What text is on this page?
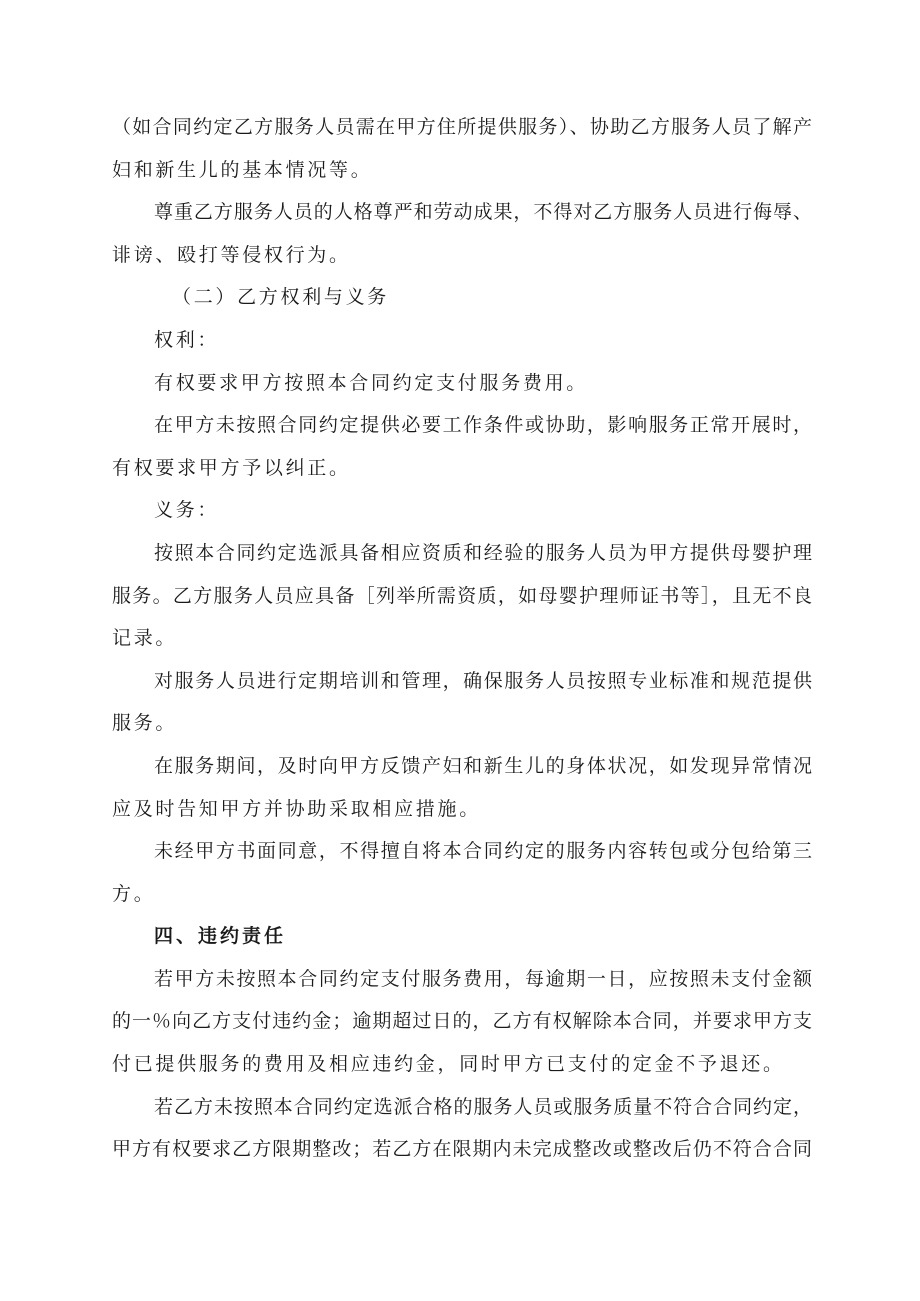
（如合同约定乙方服务人员需在甲方住所提供服务）、协助乙方服务人员了解产
妇和新生儿的基本情况等。
尊重乙方服务人员的人格尊严和劳动成果，不得对乙方服务人员进行侮辱、
诽谤、殴打等侵权行为。
（二）乙方权利与义务
权利：
有权要求甲方按照本合同约定支付服务费用。
在甲方未按照合同约定提供必要工作条件或协助，影响服务正常开展时，
有权要求甲方予以纠正。
义务：
按照本合同约定选派具备相应资质和经验的服务人员为甲方提供母婴护理
服务。乙方服务人员应具备［列举所需资质，如母婴护理师证书等］，且无不良
记录。
对服务人员进行定期培训和管理，确保服务人员按照专业标准和规范提供
服务。
在服务期间，及时向甲方反馈产妇和新生儿的身体状况，如发现异常情况
应及时告知甲方并协助采取相应措施。
未经甲方书面同意，不得擅自将本合同约定的服务内容转包或分包给第三
方。
四、违约责任
若甲方未按照本合同约定支付服务费用，每逾期一日，应按照未支付金额
的一％向乙方支付违约金；逾期超过日的，乙方有权解除本合同，并要求甲方支
付已提供服务的费用及相应违约金，同时甲方已支付的定金不予退还。
若乙方未按照本合同约定选派合格的服务人员或服务质量不符合合同约定，
甲方有权要求乙方限期整改；若乙方在限期内未完成整改或整改后仍不符合合同
